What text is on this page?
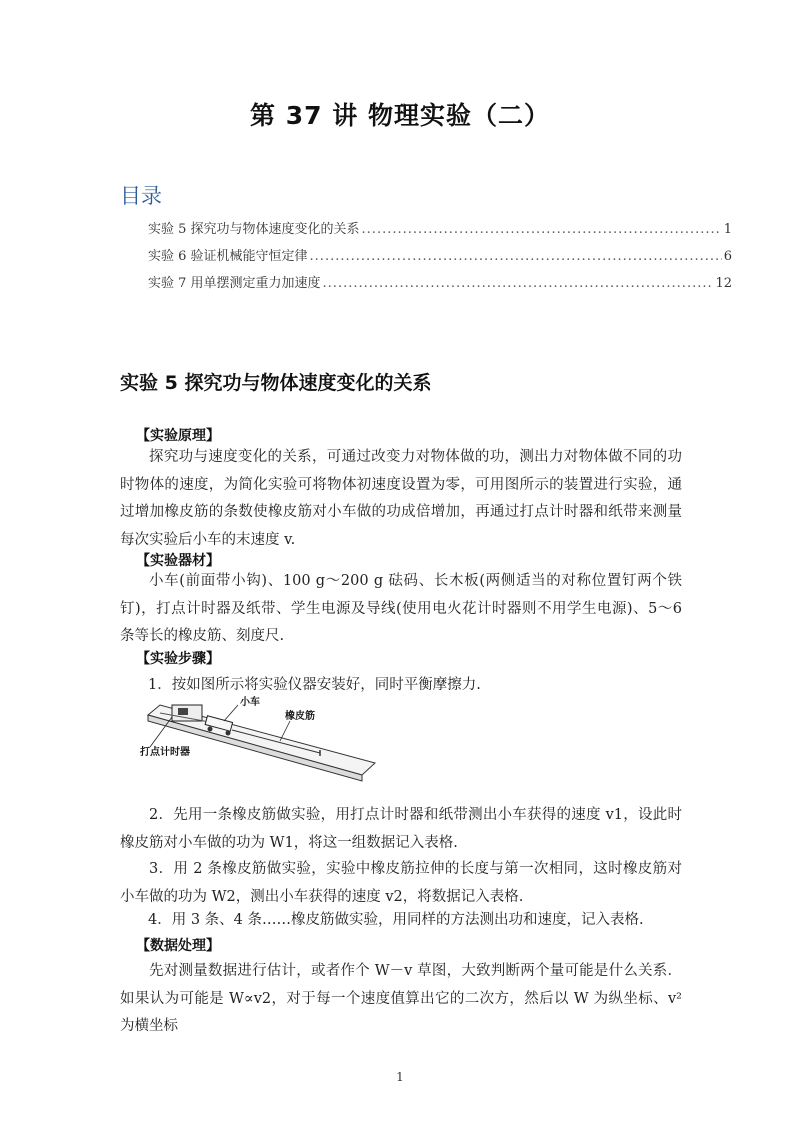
第 37 讲 物理实验（二）
目录
实验 5 探究功与物体速度变化的关系 .....	1
实验 6 验证机械能守恒定律 .....	6
实验 7 用单摆测定重力加速度 .....	12
实验 5 探究功与物体速度变化的关系
【实验原理】

探究功与速度变化的关系，可通过改变力对物体做的功，测出力对物体做不同的功时物体的速度，为简化实验可将物体初速度设置为零，可用图所示的装置进行实验，通过增加橡皮筋的条数使橡皮筋对小车做的功成倍增加，再通过打点计时器和纸带来测量每次实验后小车的末速度 v.

【实验器材】

小车(前面带小钩)、100 g～200 g 砝码、长木板(两侧适当的对称位置钉两个铁钉)，打点计时器及纸带、学生电源及导线(使用电火花计时器则不用学生电源)、5～6 条等长的橡皮筋、刻度尺.

【实验步骤】
1．按如图所示将实验仪器安装好，同时平衡摩擦力.
小车
橡皮筋
打点计时器

2．先用一条橡皮筋做实验，用打点计时器和纸带测出小车获得的速度 v1，设此时橡皮筋对小车做的功为 W1，将这一组数据记入表格.

3．用 2 条橡皮筋做实验，实验中橡皮筋拉伸的长度与第一次相同，这时橡皮筋对小车做的功为 W2，测出小车获得的速度 v2，将数据记入表格.

4．用 3 条、4 条……橡皮筋做实验，用同样的方法测出功和速度，记入表格.
【数据处理】

先对测量数据进行估计，或者作个 W－v 草图，大致判断两个量可能是什么关系．如果认为可能是 W∝v2，对于每一个速度值算出它的二次方，然后以 W 为纵坐标、v² 为横坐标

1
